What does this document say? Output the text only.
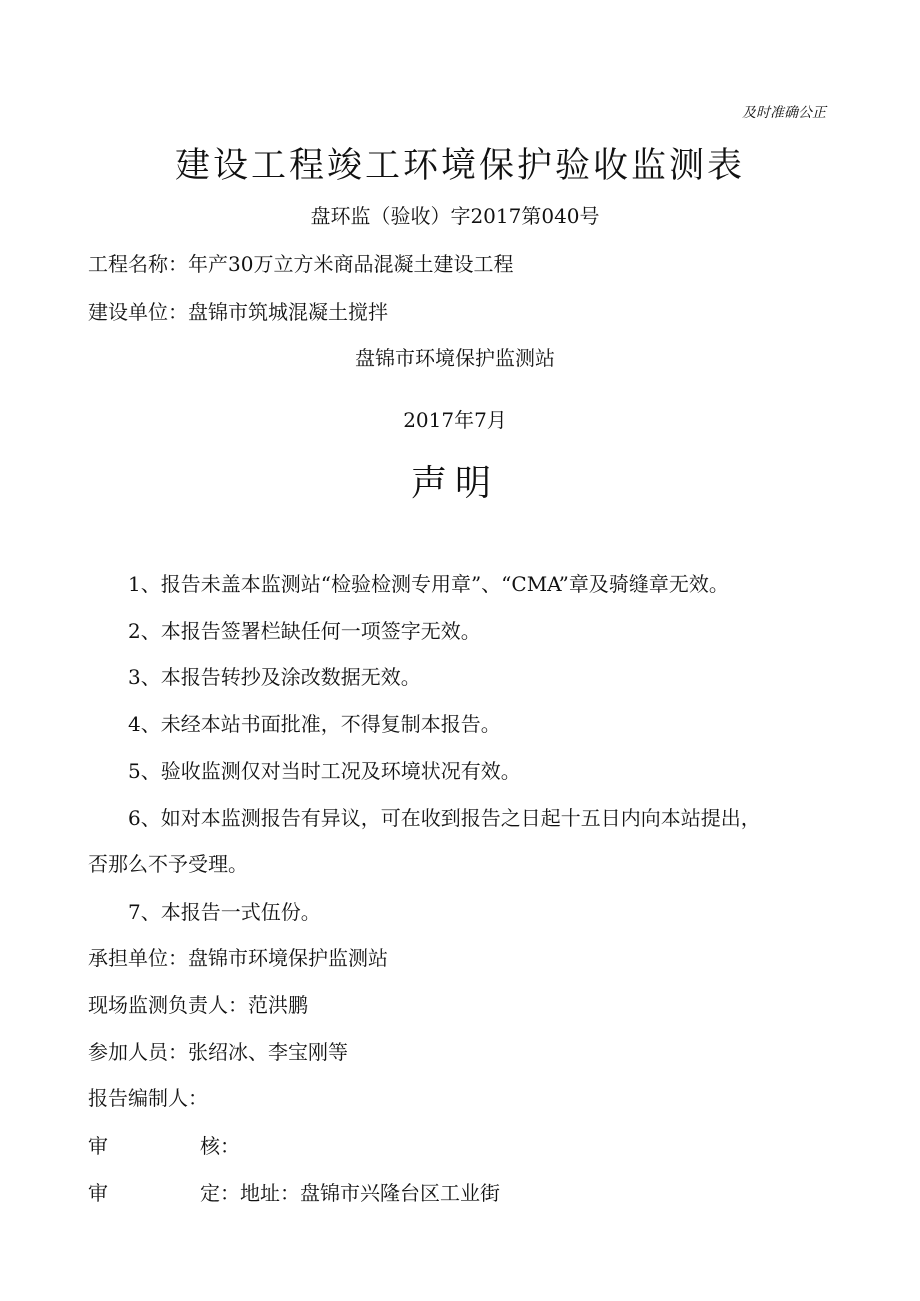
及时准确公正
建设工程竣工环境保护验收监测表
盘环监（验收）字2017第040号
工程名称：年产30万立方米商品混凝土建设工程
建设单位：盘锦市筑城混凝土搅拌
盘锦市环境保护监测站
2017年7月
声明
1、报告未盖本监测站“检验检测专用章”、“CMA”章及骑缝章无效。
2、本报告签署栏缺任何一项签字无效。
3、本报告转抄及涂改数据无效。
4、未经本站书面批准，不得复制本报告。
5、验收监测仅对当时工况及环境状况有效。
6、如对本监测报告有异议，可在收到报告之日起十五日内向本站提出，
否那么不予受理。
7、本报告一式伍份。
承担单位：盘锦市环境保护监测站
现场监测负责人：范洪鹏
参加人员：张绍冰、李宝刚等
报告编制人：
审	核：
审	定：地址：盘锦市兴隆台区工业街
